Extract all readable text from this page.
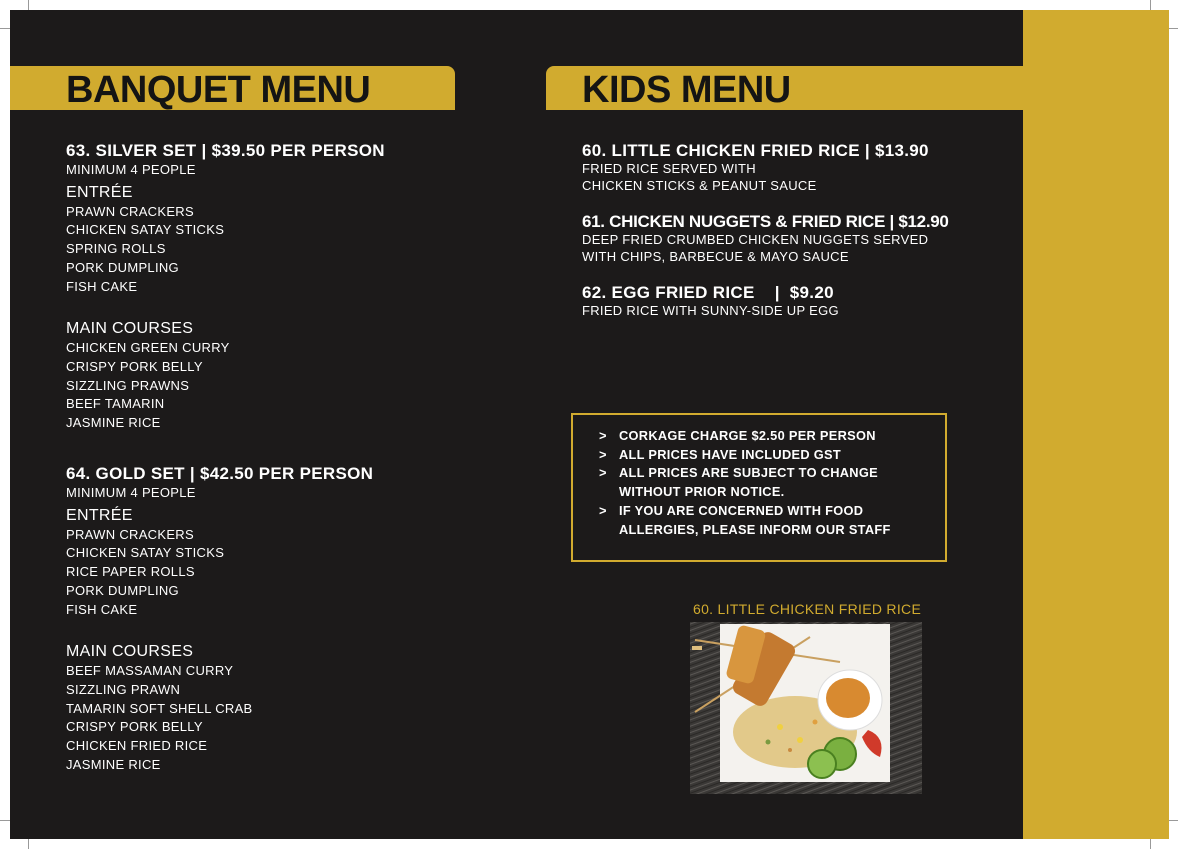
BANQUET MENU	KIDS MENU
63. SILVER SET | $39.50 PER PERSON
MINIMUM 4 PEOPLE
ENTRÉE
PRAWN CRACKERS
CHICKEN SATAY STICKS
SPRING ROLLS
PORK DUMPLING
FISH CAKE
MAIN COURSES
CHICKEN GREEN CURRY
CRISPY PORK BELLY
SIZZLING PRAWNS
BEEF TAMARIN
JASMINE RICE
64. GOLD SET | $42.50 PER PERSON
MINIMUM 4 PEOPLE
ENTRÉE
PRAWN CRACKERS
CHICKEN SATAY STICKS
RICE PAPER ROLLS
PORK DUMPLING
FISH CAKE
MAIN COURSES
BEEF MASSAMAN CURRY
SIZZLING PRAWN
TAMARIN SOFT SHELL CRAB
CRISPY PORK BELLY
CHICKEN FRIED RICE
JASMINE RICE
60. LITTLE CHICKEN FRIED RICE | $13.90
FRIED RICE SERVED WITH
CHICKEN STICKS & PEANUT SAUCE
61. CHICKEN NUGGETS & FRIED RICE | $12.90
DEEP FRIED CRUMBED CHICKEN NUGGETS SERVED
WITH CHIPS, BARBECUE & MAYO SAUCE
62. EGG FRIED RICE    |  $9.20
FRIED RICE WITH SUNNY-SIDE UP EGG
> CORKAGE CHARGE $2.50 PER PERSON
> ALL PRICES HAVE INCLUDED GST
> ALL PRICES ARE SUBJECT TO CHANGE
WITHOUT PRIOR NOTICE.
> IF YOU ARE CONCERNED WITH FOOD
ALLERGIES, PLEASE INFORM OUR STAFF
60. LITTLE CHICKEN FRIED RICE
